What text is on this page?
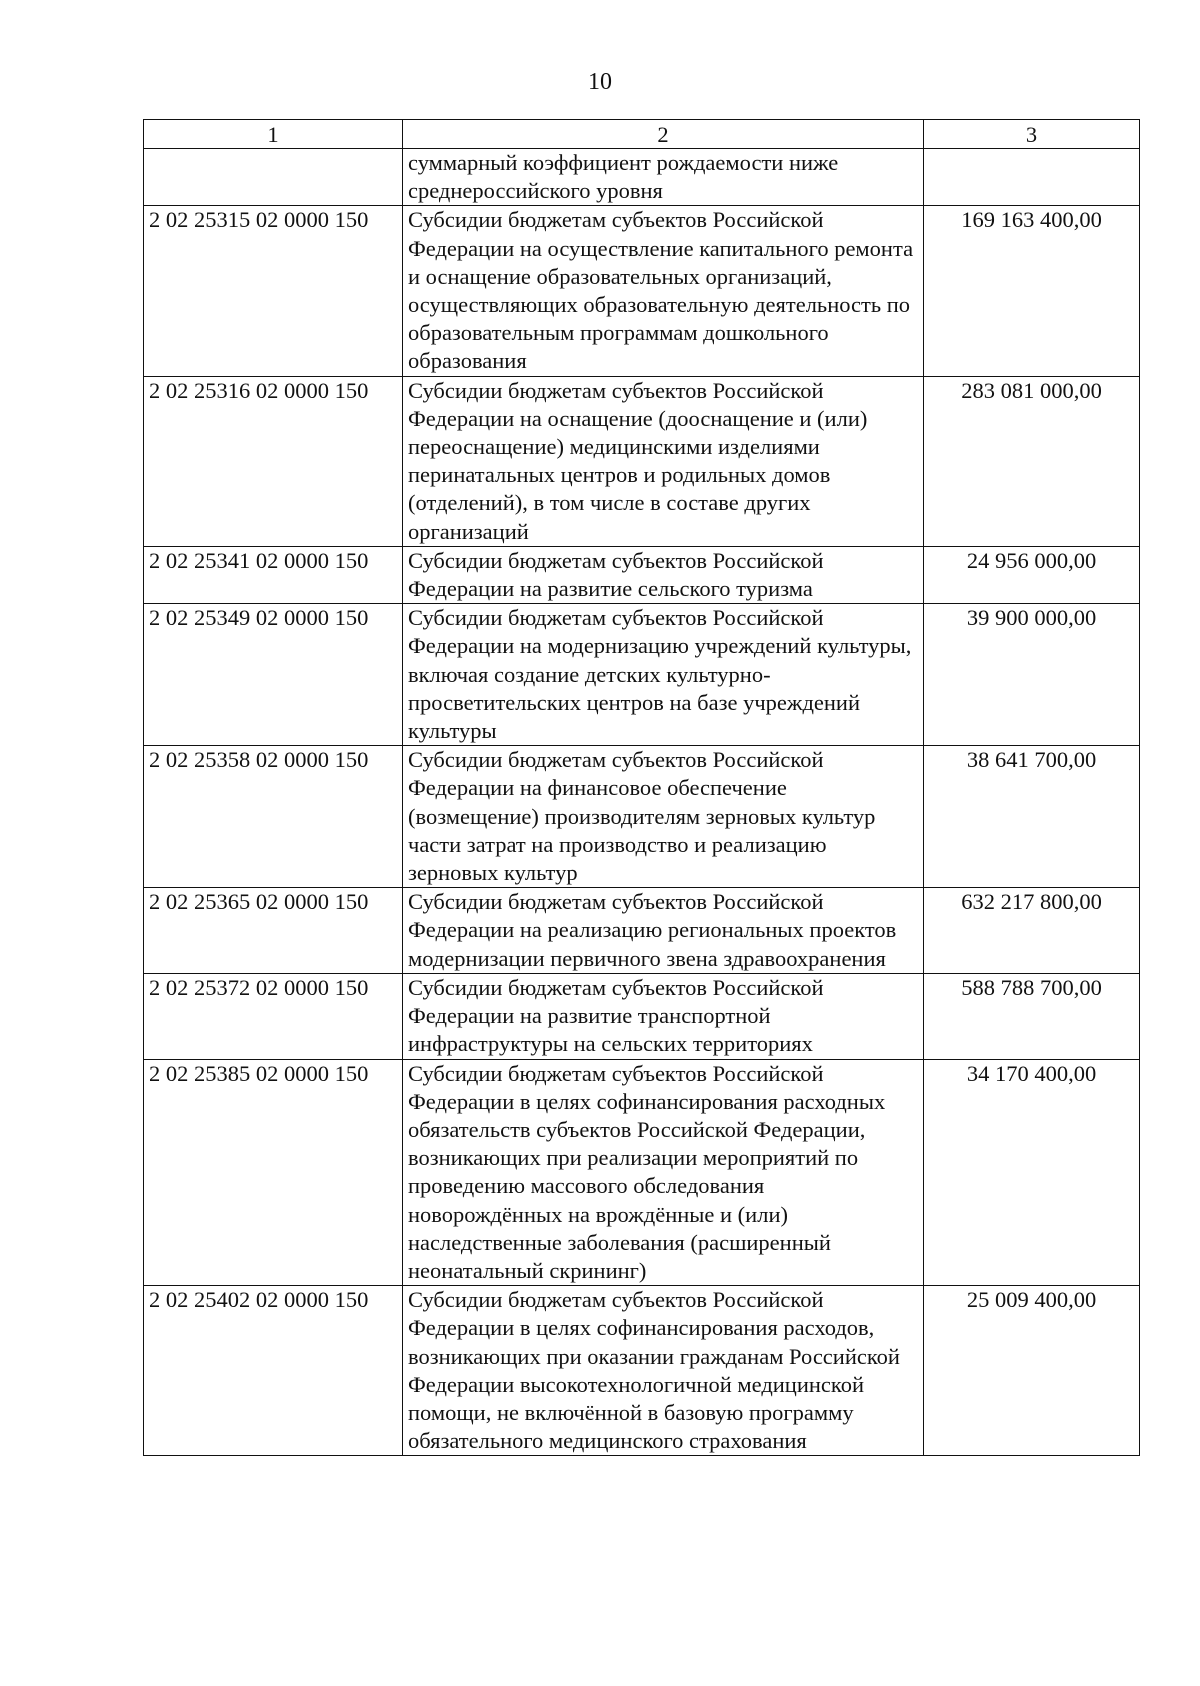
10
1	2	3
	суммарный коэффициент рождаемости ниже среднероссийского уровня	
2 02 25315 02 0000 150	Субсидии бюджетам субъектов Российской Федерации на осуществление капитального ремонта и оснащение образовательных организаций, осуществляющих образовательную деятельность по образовательным программам дошкольного образования	169 163 400,00
2 02 25316 02 0000 150	Субсидии бюджетам субъектов Российской Федерации на оснащение (дооснащение и (или) переоснащение) медицинскими изделиями перинатальных центров и родильных домов (отделений), в том числе в составе других организаций	283 081 000,00
2 02 25341 02 0000 150	Субсидии бюджетам субъектов Российской Федерации на развитие сельского туризма	24 956 000,00
2 02 25349 02 0000 150	Субсидии бюджетам субъектов Российской Федерации на модернизацию учреждений культуры, включая создание детских культурно-просветительских центров на базе учреждений культуры	39 900 000,00
2 02 25358 02 0000 150	Субсидии бюджетам субъектов Российской Федерации на финансовое обеспечение (возмещение) производителям зерновых культур части затрат на производство и реализацию зерновых культур	38 641 700,00
2 02 25365 02 0000 150	Субсидии бюджетам субъектов Российской Федерации на реализацию региональных проектов модернизации первичного звена здравоохранения	632 217 800,00
2 02 25372 02 0000 150	Субсидии бюджетам субъектов Российской Федерации на развитие транспортной инфраструктуры на сельских территориях	588 788 700,00
2 02 25385 02 0000 150	Субсидии бюджетам субъектов Российской Федерации в целях софинансирования расходных обязательств субъектов Российской Федерации, возникающих при реализации мероприятий по проведению массового обследования новорождённых на врождённые и (или) наследственные заболевания (расширенный неонатальный скрининг)	34 170 400,00
2 02 25402 02 0000 150	Субсидии бюджетам субъектов Российской Федерации в целях софинансирования расходов, возникающих при оказании гражданам Российской Федерации высокотехнологичной медицинской помощи, не включённой в базовую программу обязательного медицинского страхования	25 009 400,00
